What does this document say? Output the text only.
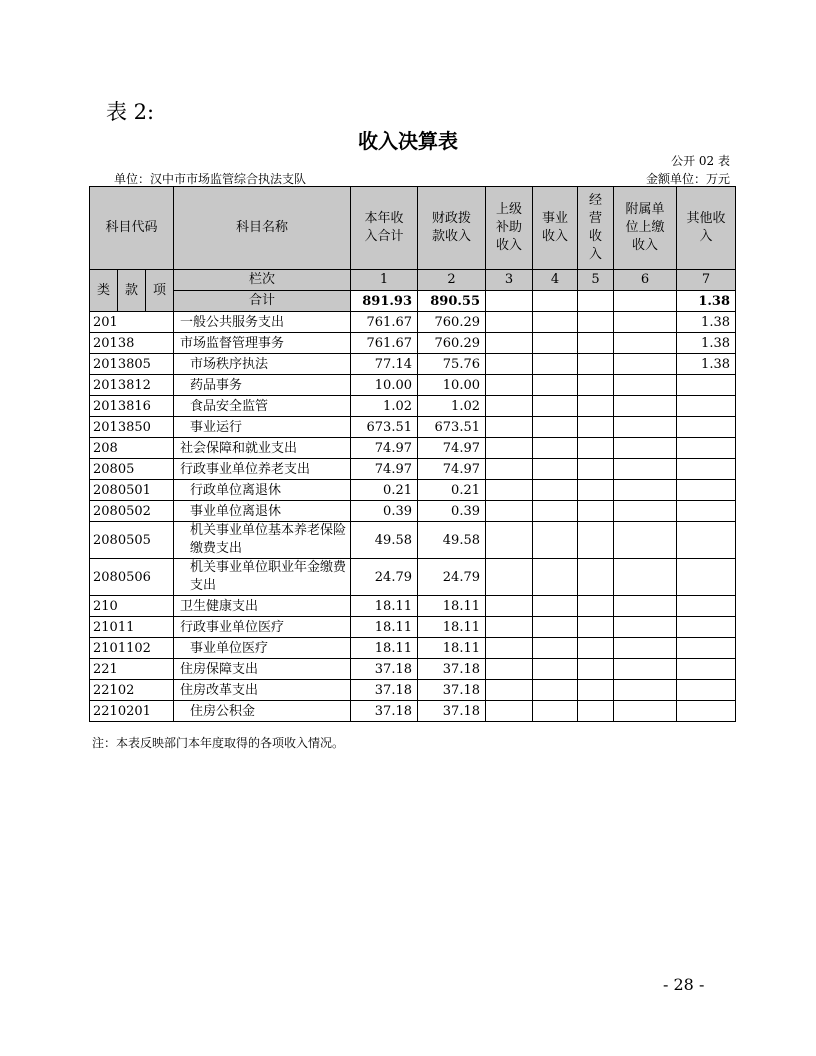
表 2:
收入决算表
公开 02 表
单位：汉中市市场监管综合执法支队	金额单位：万元
科目代码			科目名称	本年收入合计	财政拨款收入	上级补助收入	事业收入	经营收入	附属单位上缴收入	其他收入
类	款	项	栏次	1	2	3	4	5	6	7
			合计	891.93	890.55					1.38
201			一般公共服务支出	761.67	760.29					1.38
20138			市场监督管理事务	761.67	760.29					1.38
2013805			市场秩序执法	77.14	75.76					1.38
2013812			药品事务	10.00	10.00					
2013816			食品安全监管	1.02	1.02					
2013850			事业运行	673.51	673.51					
208			社会保障和就业支出	74.97	74.97					
20805			行政事业单位养老支出	74.97	74.97					
2080501			行政单位离退休	0.21	0.21					
2080502			事业单位离退休	0.39	0.39					
2080505			机关事业单位基本养老保险缴费支出	49.58	49.58					
2080506			机关事业单位职业年金缴费支出	24.79	24.79					
210			卫生健康支出	18.11	18.11					
21011			行政事业单位医疗	18.11	18.11					
2101102			事业单位医疗	18.11	18.11					
221			住房保障支出	37.18	37.18					
22102			住房改革支出	37.18	37.18					
2210201			住房公积金	37.18	37.18					
注：本表反映部门本年度取得的各项收入情况。
- 28 -
